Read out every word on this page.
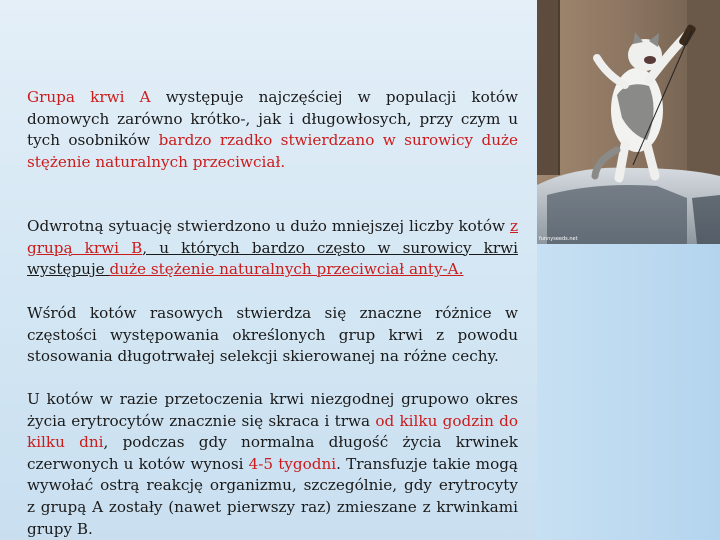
Grupa krwi A występuje najczęściej w populacji kotów domowych zarówno krótko-, jak i długowłosych, przy czym u tych osobników bardzo rzadko stwierdzano w surowicy duże stężenie naturalnych przeciwciał.

Odwrotną sytuację stwierdzono u dużo mniejszej liczby kotów z grupą krwi B, u których bardzo często w surowicy krwi występuje duże stężenie naturalnych przeciwciał anty-A.

Wśród kotów rasowych stwierdza się znaczne różnice w częstości występowania określonych grup krwi z powodu stosowania długotrwałej selekcji skierowanej na różne cechy.

U kotów w razie przetoczenia krwi niezgodnej grupowo okres życia erytrocytów znacznie się skraca i trwa od kilku godzin do kilku dni, podczas gdy normalna długość życia krwinek czerwonych u kotów wynosi 4-5 tygodni. Transfuzje takie mogą wywołać ostrą reakcję organizmu, szczególnie, gdy erytrocyty z grupą A zostały (nawet pierwszy raz) zmieszane z krwinkami grupy B.

funnyseeds.net
